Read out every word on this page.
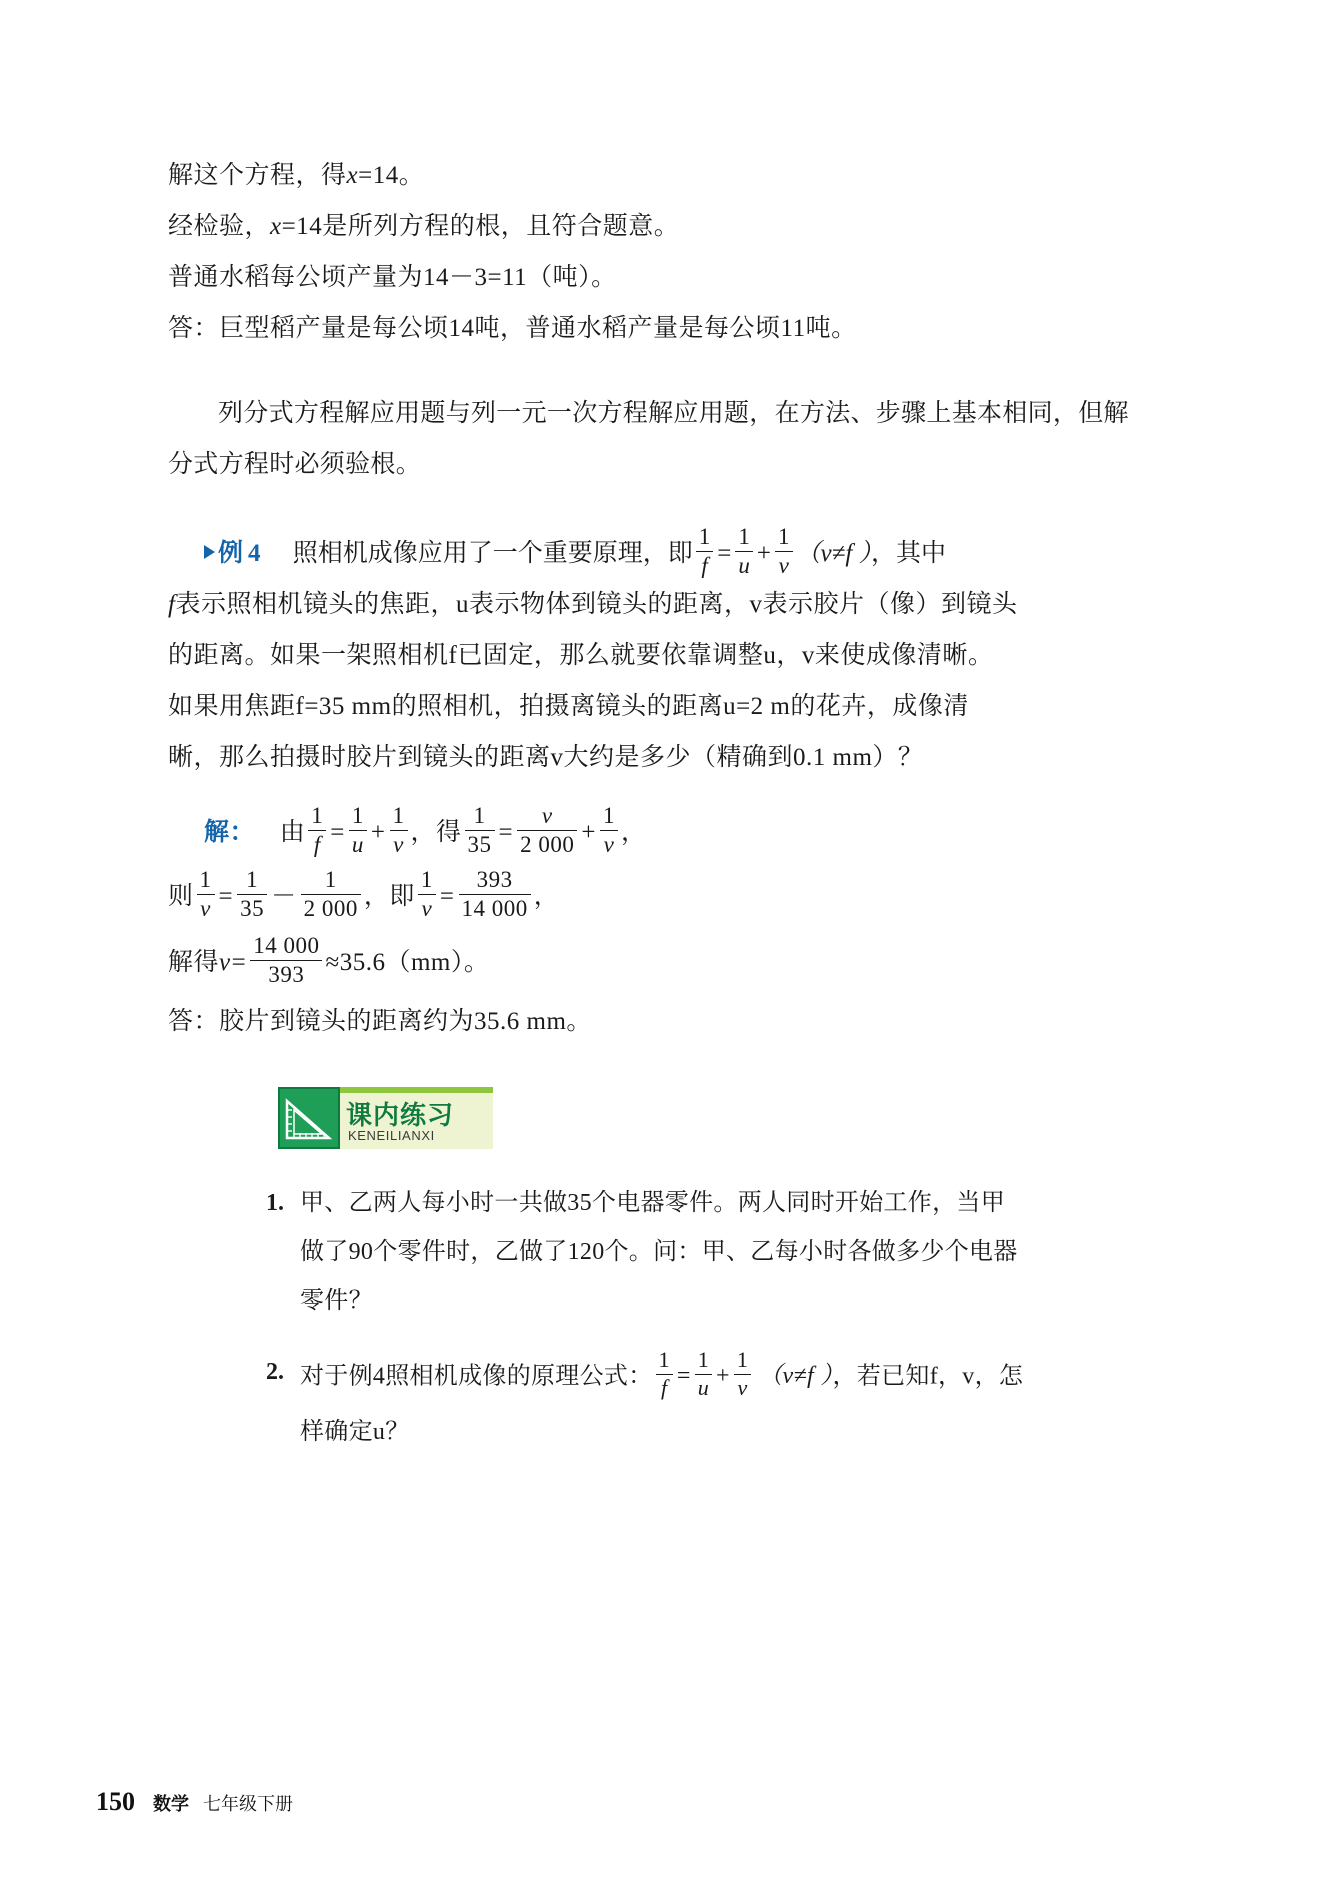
解这个方程，得x=14。
经检验，x=14是所列方程的根，且符合题意。
普通水稻每公顷产量为14－3=11（吨）。
答：巨型稻产量是每公顷14吨，普通水稻产量是每公顷11吨。
列分式方程解应用题与列一元一次方程解应用题，在方法、步骤上基本相同，但解分式方程时必须验根。
例 4 照相机成像应用了一个重要原理，即 $\frac{1}{f} = \frac{1}{u} + \frac{1}{v} (v\ne f$ ），其中
f表示照相机镜头的焦距，u表示物体到镜头的距离，v表示胶片（像）到镜头
的距离。如果一架照相机f已固定，那么就要依靠调整u，v来使成像清晰。
如果用焦距f=35 mm的照相机，拍摄离镜头的距离u=2 m的花卉，成像清
晰，那么拍摄时胶片到镜头的距离v大约是多少（精确到0.1 mm）？
解： 由 $\frac{1}{f} = \frac{1}{u} + \frac{1}{v}$ ，得 $\frac{1}{35} = \frac{v}{2 000} + \frac{1}{v}$ ，
则 $\frac{1}{v} = \frac{1}{35} - \frac{1}{2 000}$ ，即 $\frac{1}{v} = \frac{393}{14 000}$ ，
解得$v= \frac{14 000}{393} \approx 35.6(mm)$。
答：胶片到镜头的距离约为35.6 mm。
课内练习
KENEILIANXI
1. 甲、乙两人每小时一共做35个电器零件。两人同时开始工作，当甲
做了90个零件时，乙做了120个。问：甲、乙每小时各做多少个电器
零件？
2. 对于例4照相机成像的原理公式： $\frac{1}{f} = \frac{1}{u} + \frac{1}{v} (v\ne f$ ），若已知f，v，怎
样确定u？
150 数学 七年级下册
